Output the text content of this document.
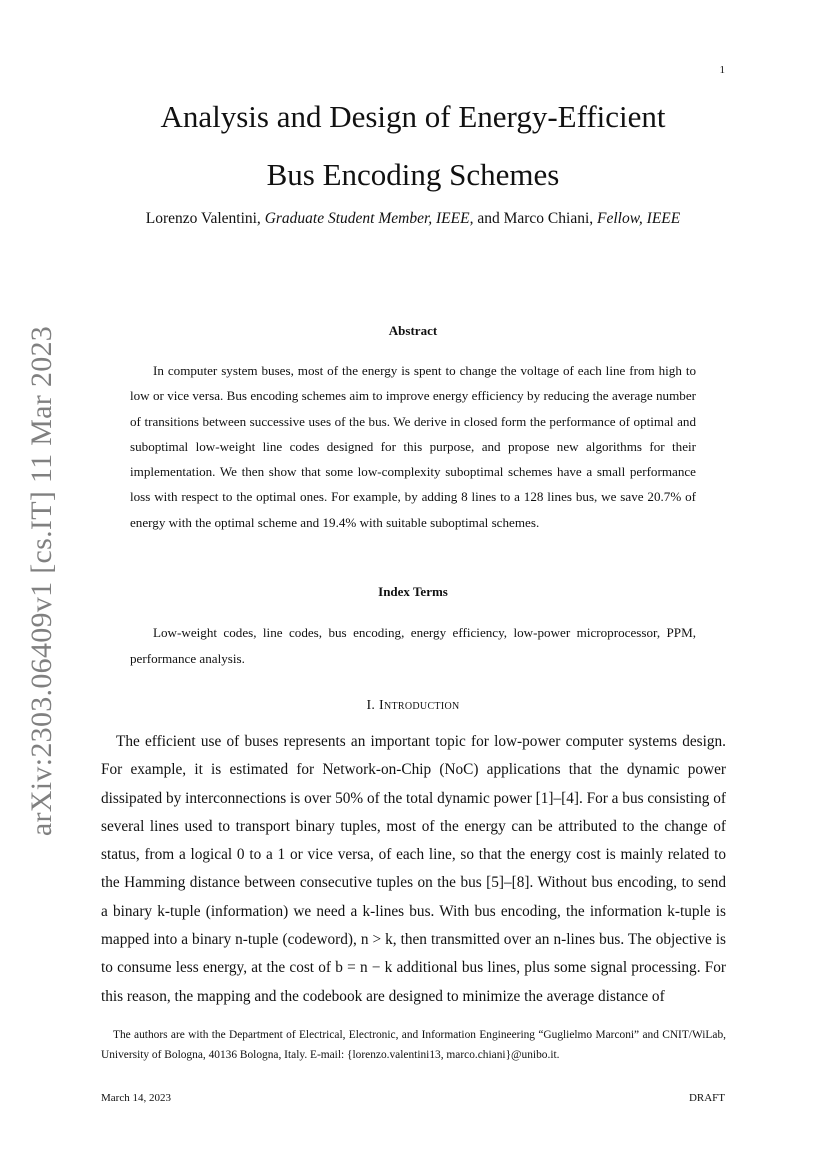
1
arXiv:2303.06409v1 [cs.IT] 11 Mar 2023
Analysis and Design of Energy-Efficient
Bus Encoding Schemes
Lorenzo Valentini, Graduate Student Member, IEEE, and Marco Chiani, Fellow, IEEE
Abstract

In computer system buses, most of the energy is spent to change the voltage of each line from high to low or vice versa. Bus encoding schemes aim to improve energy efficiency by reducing the average number of transitions between successive uses of the bus. We derive in closed form the performance of optimal and suboptimal low-weight line codes designed for this purpose, and propose new algorithms for their implementation. We then show that some low-complexity suboptimal schemes have a small performance loss with respect to the optimal ones. For example, by adding 8 lines to a 128 lines bus, we save 20.7% of energy with the optimal scheme and 19.4% with suitable suboptimal schemes.

Index Terms

Low-weight codes, line codes, bus encoding, energy efficiency, low-power microprocessor, PPM, performance analysis.

I. Introduction

The efficient use of buses represents an important topic for low-power computer systems design. For example, it is estimated for Network-on-Chip (NoC) applications that the dynamic power dissipated by interconnections is over 50% of the total dynamic power [1]–[4]. For a bus consisting of several lines used to transport binary tuples, most of the energy can be attributed to the change of status, from a logical 0 to a 1 or vice versa, of each line, so that the energy cost is mainly related to the Hamming distance between consecutive tuples on the bus [5]–[8]. Without bus encoding, to send a binary k-tuple (information) we need a k-lines bus. With bus encoding, the information k-tuple is mapped into a binary n-tuple (codeword), n > k, then transmitted over an n-lines bus. The objective is to consume less energy, at the cost of b = n − k additional bus lines, plus some signal processing. For this reason, the mapping and the codebook are designed to minimize the average distance of

The authors are with the Department of Electrical, Electronic, and Information Engineering “Guglielmo Marconi” and CNIT/WiLab, University of Bologna, 40136 Bologna, Italy. E-mail: {lorenzo.valentini13, marco.chiani}@unibo.it.

March 14, 2023	DRAFT
